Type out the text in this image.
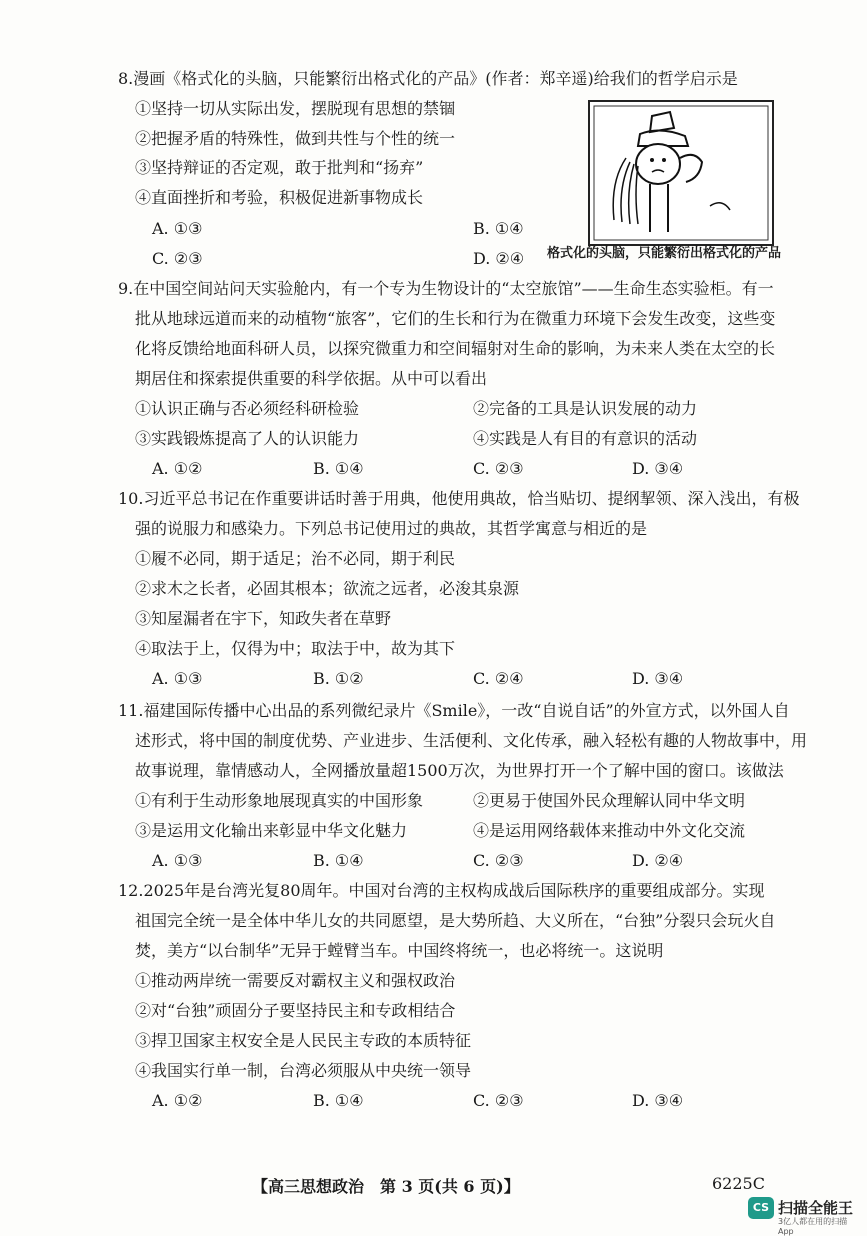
8.漫画《格式化的头脑，只能繁衍出格式化的产品》(作者：郑辛遥)给我们的哲学启示是
①坚持一切从实际出发，摆脱现有思想的禁锢
②把握矛盾的特殊性，做到共性与个性的统一
③坚持辩证的否定观，敢于批判和“扬弃”
④直面挫折和考验，积极促进新事物成长
A. ①③	B. ①④
C. ②③	D. ②④ 格式化的头脑，只能繁衍出格式化的产品
9.在中国空间站问天实验舱内，有一个专为生物设计的“太空旅馆”——生命生态实验柜。有一
批从地球远道而来的动植物“旅客”，它们的生长和行为在微重力环境下会发生改变，这些变
化将反馈给地面科研人员，以探究微重力和空间辐射对生命的影响，为未来人类在太空的长
期居住和探索提供重要的科学依据。从中可以看出
①认识正确与否必须经科研检验	②完备的工具是认识发展的动力
③实践锻炼提高了人的认识能力	④实践是人有目的有意识的活动
A. ①②	B. ①④	C. ②③	D. ③④
10.习近平总书记在作重要讲话时善于用典，他使用典故，恰当贴切、提纲挈领、深入浅出，有极
强的说服力和感染力。下列总书记使用过的典故，其哲学寓意与相近的是
①履不必同，期于适足；治不必同，期于利民
②求木之长者，必固其根本；欲流之远者，必浚其泉源
③知屋漏者在宇下，知政失者在草野
④取法于上，仅得为中；取法于中，故为其下
A. ①③	B. ①②	C. ②④	D. ③④
11.福建国际传播中心出品的系列微纪录片《Smile》，一改“自说自话”的外宣方式，以外国人自
述形式，将中国的制度优势、产业进步、生活便利、文化传承，融入轻松有趣的人物故事中，用
故事说理，靠情感动人，全网播放量超1500万次，为世界打开一个了解中国的窗口。该做法
①有利于生动形象地展现真实的中国形象	②更易于使国外民众理解认同中华文明
③是运用文化输出来彰显中华文化魅力	④是运用网络载体来推动中外文化交流
A. ①③	B. ①④	C. ②③	D. ②④
12.2025年是台湾光复80周年。中国对台湾的主权构成战后国际秩序的重要组成部分。实现
祖国完全统一是全体中华儿女的共同愿望，是大势所趋、大义所在，“台独”分裂只会玩火自
焚，美方“以台制华”无异于螳臂当车。中国终将统一，也必将统一。这说明
①推动两岸统一需要反对霸权主义和强权政治
②对“台独”顽固分子要坚持民主和专政相结合
③捍卫国家主权安全是人民民主专政的本质特征
④我国实行单一制，台湾必须服从中央统一领导
A. ①②	B. ①④	C. ②③	D. ③④
【高三思想政治　第 3 页(共 6 页)】	6225C
CS 扫描全能王
3亿人都在用的扫描App
